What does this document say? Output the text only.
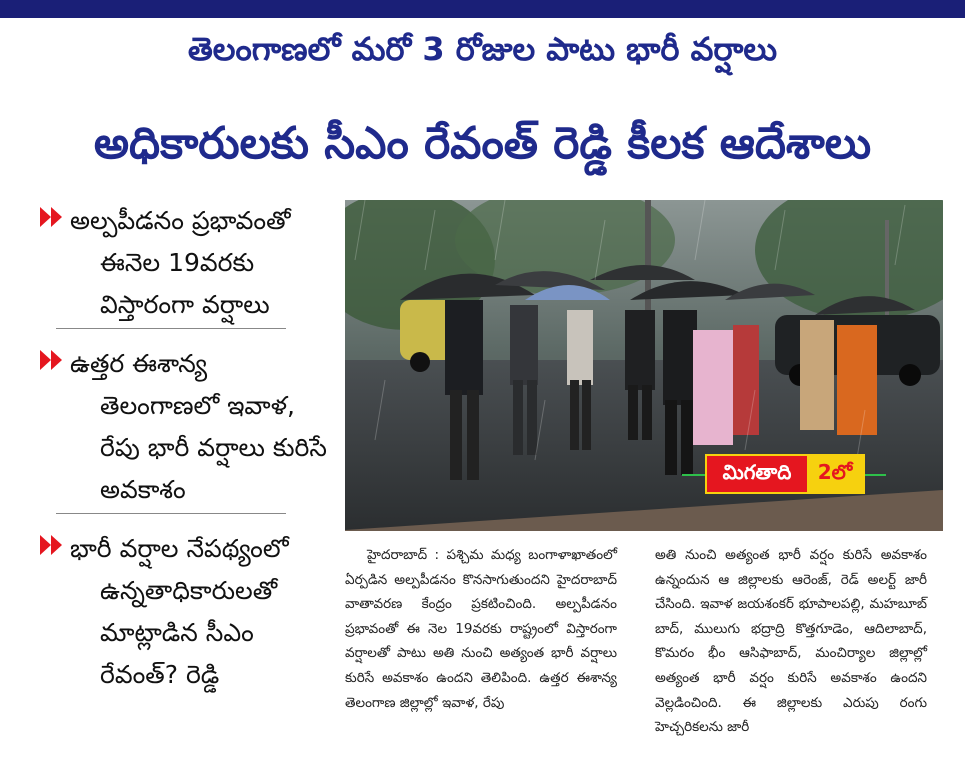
తెలంగాణలో మరో 3 రోజుల పాటు భారీ వర్షాలు
అధికారులకు సీఎం రేవంత్ రెడ్డి కీలక ఆదేశాలు
అల్పపీడనం ప్రభావంతో ఈనెల 19వరకు విస్తారంగా వర్షాలు
ఉత్తర ఈశాన్య తెలంగాణలో ఇవాళ, రేపు భారీ వర్షాలు కురిసే అవకాశం
భారీ వర్షాల నేపథ్యంలో ఉన్నతాధికారులతో మాట్లాడిన సీఎం రేవంత్? రెడ్డి
మిగతాది	2లో
హైదరాబాద్ : పశ్చిమ మధ్య బంగాళాఖాతంలో ఏర్పడిన అల్పపీడనం కొనసాగుతుందని హైదరాబాద్ వాతావరణ కేంద్రం ప్రకటించింది. అల్పపీడనం ప్రభావంతో ఈ నెల 19వరకు రాష్ట్రంలో విస్తారంగా వర్షాలతో పాటు అతి నుంచి అత్యంత భారీ వర్షాలు కురిసే అవకాశం ఉందని తెలిపింది. ఉత్తర ఈశాన్య తెలంగాణ జిల్లాల్లో ఇవాళ, రేపు
అతి నుంచి అత్యంత భారీ వర్షం కురిసే అవకాశం ఉన్నందున ఆ జిల్లాలకు ఆరెంజ్, రెడ్ అలర్ట్ జారీ చేసింది. ఇవాళ జయశంకర్ భూపాలపల్లి, మహబూబ్ బాద్, ములుగు భద్రాద్రి కొత్తగూడెం, ఆదిలాబాద్, కొమరం భీం ఆసిఫాబాద్, మంచిర్యాల జిల్లాల్లో అత్యంత భారీ వర్షం కురిసే అవకాశం ఉందని వెల్లడించింది. ఈ జిల్లాలకు ఎరుపు రంగు హెచ్చరికలను జారీ
